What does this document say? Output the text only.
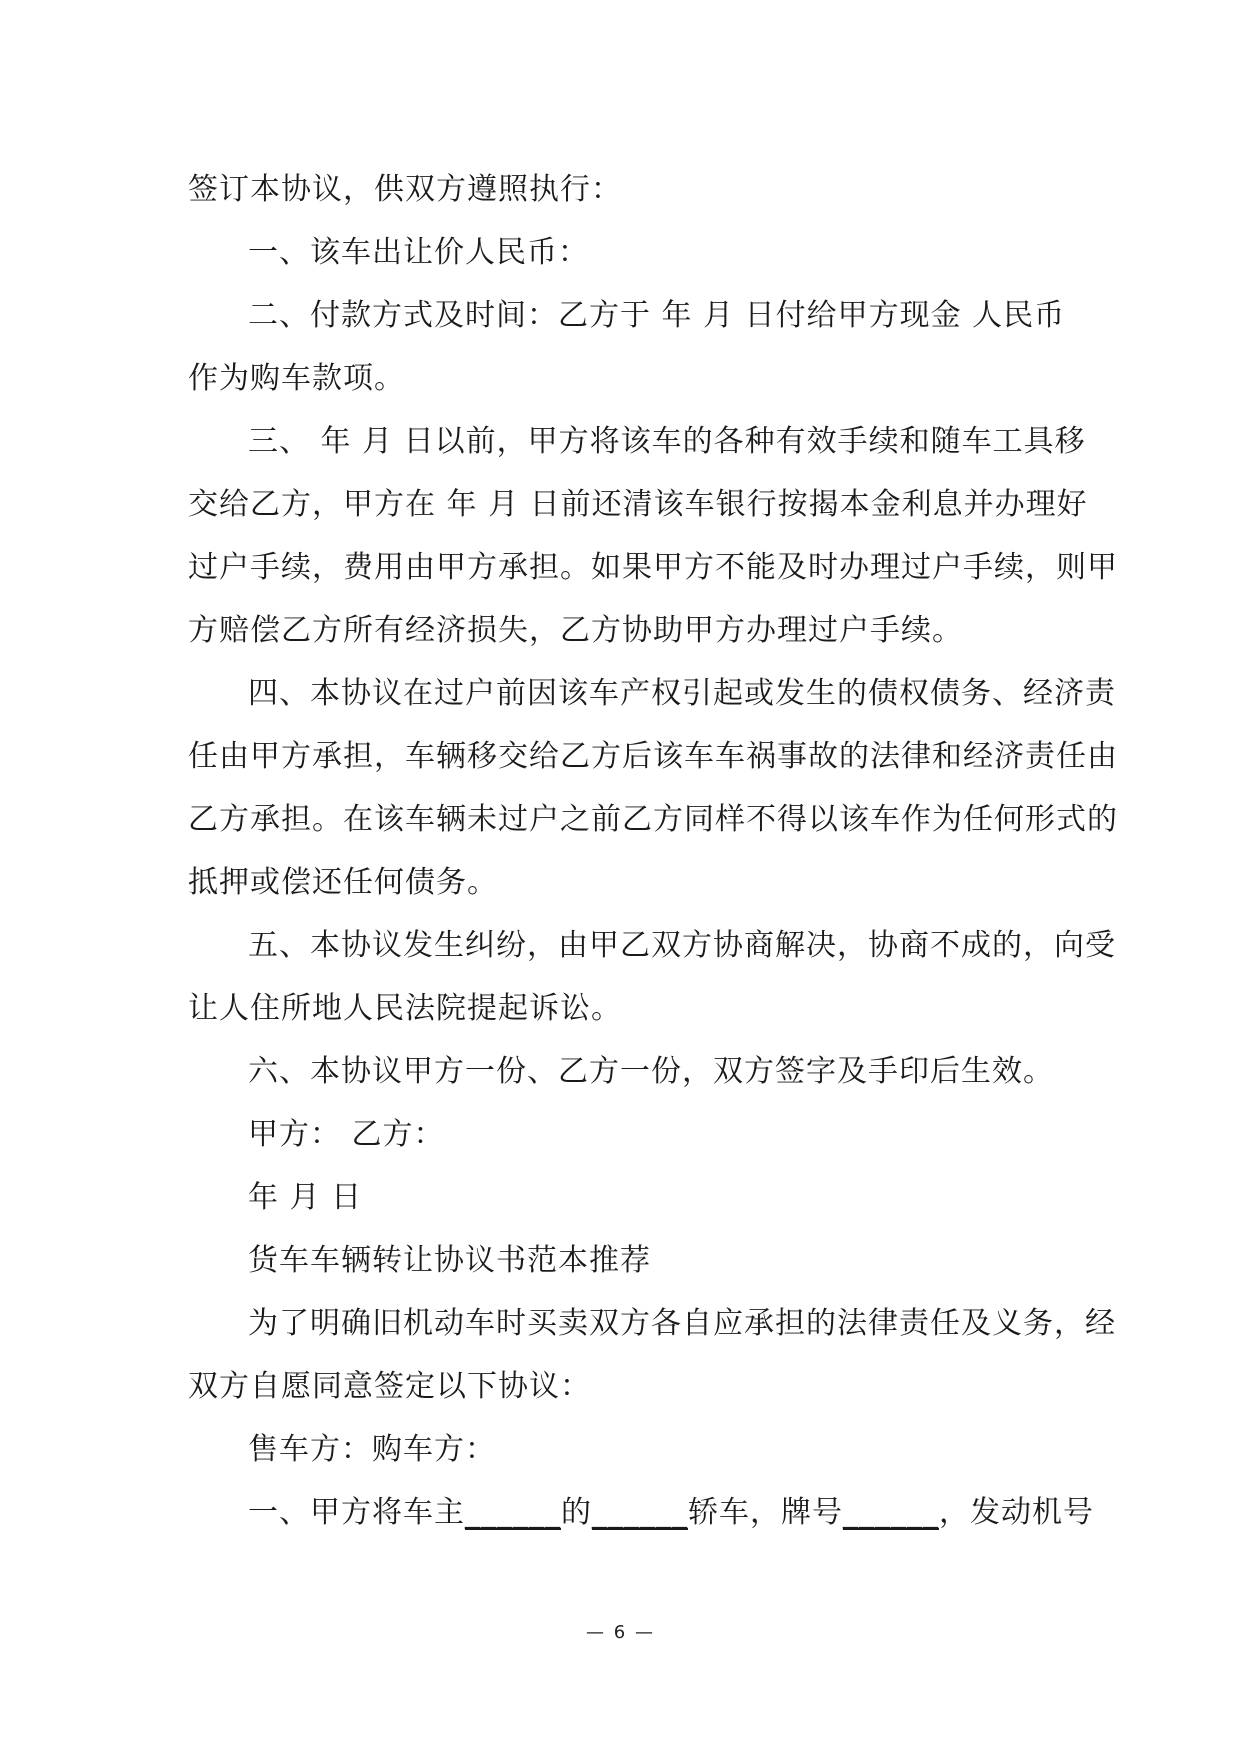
签订本协议，供双方遵照执行：
一、该车出让价人民币：
二、付款方式及时间：乙方于 年 月 日付给甲方现金 人民币
作为购车款项。
三、 年 月 日以前，甲方将该车的各种有效手续和随车工具移
交给乙方，甲方在 年 月 日前还清该车银行按揭本金利息并办理好
过户手续，费用由甲方承担。如果甲方不能及时办理过户手续，则甲
方赔偿乙方所有经济损失，乙方协助甲方办理过户手续。
四、本协议在过户前因该车产权引起或发生的债权债务、经济责
任由甲方承担，车辆移交给乙方后该车车祸事故的法律和经济责任由
乙方承担。在该车辆未过户之前乙方同样不得以该车作为任何形式的
抵押或偿还任何债务。
五、本协议发生纠纷，由甲乙双方协商解决，协商不成的，向受
让人住所地人民法院提起诉讼。
六、本协议甲方一份、乙方一份，双方签字及手印后生效。
甲方： 乙方：
年 月 日
货车车辆转让协议书范本推荐
为了明确旧机动车时买卖双方各自应承担的法律责任及义务，经
双方自愿同意签定以下协议：
售车方：购车方：
一、甲方将车主______的______轿车，牌号______，发动机号
— 6 —
